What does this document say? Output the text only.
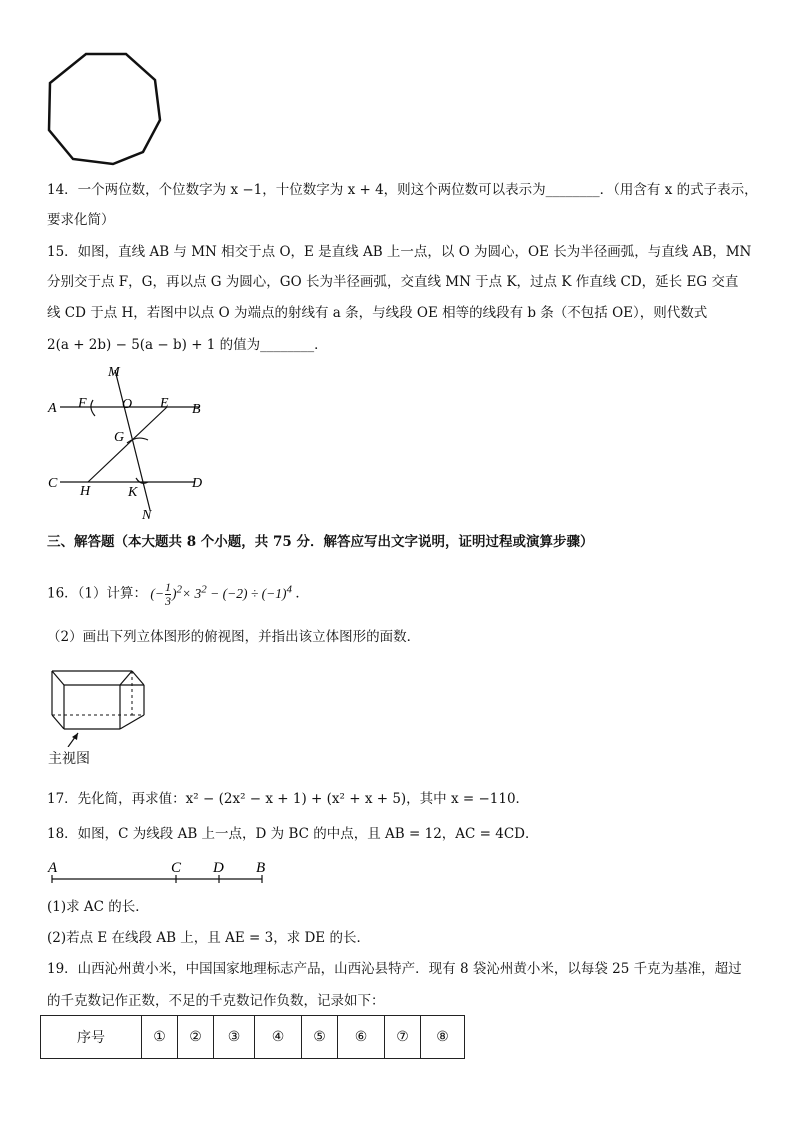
14．一个两位数，个位数字为 x −1，十位数字为 x + 4，则这个两位数可以表示为________．（用含有 x 的式子表示，
要求化简）
15．如图，直线 AB 与 MN 相交于点 O，E 是直线 AB 上一点，以 O 为圆心，OE 长为半径画弧，与直线 AB，MN
分别交于点 F，G，再以点 G 为圆心，GO 长为半径画弧，交直线 MN 于点 K，过点 K 作直线 CD，延长 EG 交直
线 CD 于点 H，若图中以点 O 为端点的射线有 a 条，与线段 OE 相等的线段有 b 条（不包括 OE），则代数式
2(a + 2b) − 5(a − b) + 1 的值为________．
M
A F	O E B
G
C
H	K
D
N
三、解答题（本大题共 8 个小题，共 75 分．解答应写出文字说明，证明过程或演算步骤）
16．（1）计算： (− $\frac{1}{3} )^2\times 3^2 - (-2) \div (-1)^4$ ．
（2）画出下列立体图形的俯视图，并指出该立体图形的面数．
主视图
17．先化简，再求值：x² − (2x² − x + 1) + (x² + x + 5)，其中 x = −110．
18．如图，C 为线段 AB 上一点，D 为 BC 的中点，且 AB = 12，AC = 4CD．
A	C D B
(1)求 AC 的长．
(2)若点 E 在线段 AB 上，且 AE = 3，求 DE 的长．
19．山西沁州黄小米，中国国家地理标志产品，山西沁县特产．现有 8 袋沁州黄小米，以每袋 25 千克为基准，超过
的千克数记作正数，不足的千克数记作负数，记录如下：
序号	①	②	③	④	⑤	⑥	⑦	⑧
